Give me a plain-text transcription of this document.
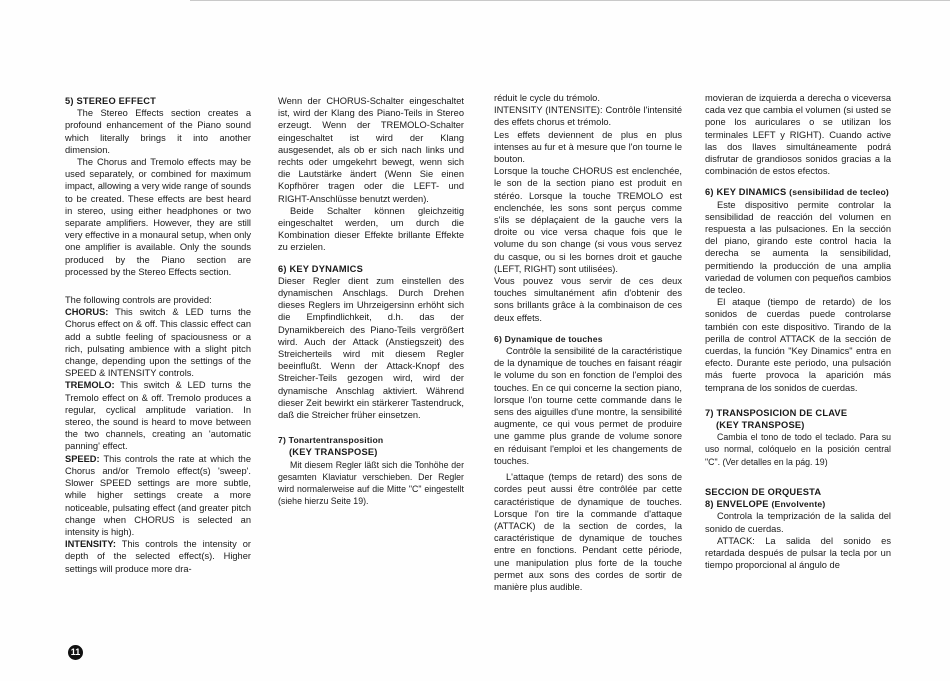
5) STEREO EFFECT

The Stereo Effects section creates a profound enhancement of the Piano sound which literally brings it into another dimension.

The Chorus and Tremolo effects may be used separately, or combined for maximum impact, allowing a very wide range of sounds to be created. These effects are best heard in stereo, using either headphones or two separate amplifiers. However, they are still very effective in a monaural setup, when only one amplifier is available. Only the sounds produced by the Piano section are processed by the Stereo Effects section.

The following controls are provided:

CHORUS: This switch & LED turns the Chorus effect on & off. This classic effect can add a subtle feeling of spaciousness or a rich, pulsating ambience with a slight pitch change, depending upon the settings of the SPEED & INTENSITY controls.

TREMOLO: This switch & LED turns the Tremolo effect on & off. Tremolo produces a regular, cyclical amplitude variation. In stereo, the sound is heard to move between the two channels, creating an 'automatic panning' effect.

SPEED: This controls the rate at which the Chorus and/or Tremolo effect(s) 'sweep'. Slower SPEED settings are more subtle, while higher settings create a more noticeable, pulsating effect (and greater pitch change when CHORUS is selected an intensity is high).

INTENSITY: This controls the intensity or depth of the selected effect(s). Higher settings will produce more dra-

11

Wenn der CHORUS-Schalter eingeschaltet ist, wird der Klang des Piano-Teils in Stereo erzeugt. Wenn der TREMOLO-Schalter eingeschaltet ist wird der Klang ausgesendet, als ob er sich nach links und rechts oder umgekehrt bewegt, wenn sich die Lautstärke ändert (Wenn Sie einen Kopfhörer tragen oder die LEFT- und RIGHT-Anschlüsse benutzt werden).

Beide Schalter können gleichzeitig eingeschaltet werden, um durch die Kombination dieser Effekte brillante Effekte zu erzielen.

6) KEY DYNAMICS

Dieser Regler dient zum einstellen des dynamischen Anschlags. Durch Drehen dieses Reglers im Uhrzeigersinn erhöht sich die Empfindlichkeit, d.h. das der Dynamikbereich des Piano-Teils vergrößert wird. Auch der Attack (Anstiegszeit) des Streicherteils wird mit diesem Regler beeinflußt. Wenn der Attack-Knopf des Streicher-Teils gezogen wird, wird der dynamische Anschlag aktiviert. Während dieser Zeit bewirkt ein stärkerer Tastendruck, daß die Streicher früher einsetzen.

7) Tonartentransposition
(KEY TRANSPOSE)

Mit diesem Regler läßt sich die Tonhöhe der gesamten Klaviatur verschieben. Der Regler wird normalerweise auf die Mitte "C" eingestellt (siehe hierzu Seite 19).

réduit le cycle du trémolo.

INTENSITY (INTENSITE): Contrôle l'intensité des effets chorus et trémolo.

Les effets deviennent de plus en plus intenses au fur et à mesure que l'on tourne le bouton.

Lorsque la touche CHORUS est enclenchée, le son de la section piano est produit en stéréo. Lorsque la touche TREMOLO est enclenchée, les sons sont perçus comme s'ils se déplaçaient de la gauche vers la droite ou vice versa chaque fois que le volume du son change (si vous vous servez du casque, ou si les bornes droit et gauche (LEFT, RIGHT) sont utilisées).

Vous pouvez vous servir de ces deux touches simultanément afin d'obtenir des sons brillants grâce à la combinaison de ces deux effets.

6) Dynamique de touches

Contrôle la sensibilité de la caractéristique de la dynamique de touches en faisant réagir le volume du son en fonction de l'emploi des touches. En ce qui concerne la section piano, lorsque l'on tourne cette commande dans le sens des aiguilles d'une montre, la sensibilité augmente, ce qui vous permet de produire une gamme plus grande de volume sonore en réduisant l'emploi et les changements de touches.

L'attaque (temps de retard) des sons de cordes peut aussi être contrôlée par cette caractéristique de dynamique de touches. Lorsque l'on tire la commande d'attaque (ATTACK) de la section de cordes, la caractéristique de dynamique de touches entre en fonctions. Pendant cette période, une manipulation plus forte de la touche permet aux sons des cordes de sortir de manière plus audible.

movieran de izquierda a derecha o viceversa cada vez que cambia el volumen (si usted se pone los auriculares o se utilizan los terminales LEFT y RIGHT). Cuando active las dos llaves simultáneamente podrá disfrutar de grandiosos sonidos gracias a la combinación de estos efectos.

6) KEY DINAMICS (sensibilidad de tecleo)

Este dispositivo permite controlar la sensibilidad de reacción del volumen en respuesta a las pulsaciones. En la sección del piano, girando este control hacia la derecha se aumenta la sensibilidad, permitiendo la producción de una amplia variedad de volumen con pequeños cambios de tecleo.

El ataque (tiempo de retardo) de los sonidos de cuerdas puede controlarse también con este dispositivo. Tirando de la perilla de control ATTACK de la sección de cuerdas, la función "Key Dinamics" entra en efecto. Durante este periodo, una pulsación más fuerte provoca la aparición más temprana de los sonidos de cuerdas.

7) TRANSPOSICION DE CLAVE
(KEY TRANSPOSE)

Cambia el tono de todo el teclado. Para su uso normal, colóquelo en la posición central "C". (Ver detalles en la pág. 19)

SECCION DE ORQUESTA
8) ENVELOPE (Envolvente)

Controla la temprización de la salida del sonido de cuerdas.

ATTACK: La salida del sonido es retardada después de pulsar la tecla por un tiempo proporcional al ángulo de
